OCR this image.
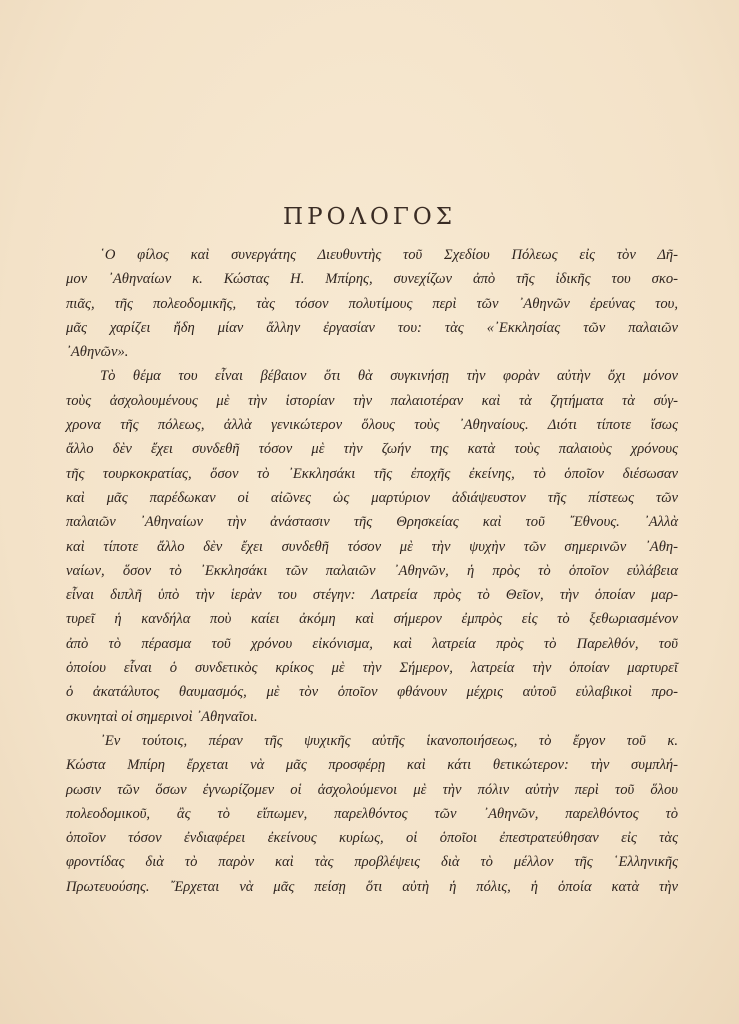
ΠΡΟΛΟΓΟΣ
῾Ο φίλος καὶ συνεργάτης Διευθυντὴς τοῦ Σχεδίου Πόλεως εἰς τὸν Δῆ-
μον ᾿Αθηναίων κ. Κώστας Η. Μπίρης, συνεχίζων ἀπὸ τῆς ἰδικῆς του σκο-
πιᾶς, τῆς πολεοδομικῆς, τὰς τόσον πολυτίμους περὶ τῶν ᾿Αθηνῶν ἐρεύνας του,
μᾶς χαρίζει ἤδη μίαν ἄλλην ἐργασίαν του: τὰς «᾿Εκκλησίας τῶν παλαιῶν
᾿Αθηνῶν».
Τὸ θέμα του εἶναι βέβαιον ὅτι θὰ συγκινήσῃ τὴν φορὰν αὐτὴν ὄχι μόνον
τοὺς ἀσχολουμένους μὲ τὴν ἱστορίαν τὴν παλαιοτέραν καὶ τὰ ζητήματα τὰ σύγ-
χρονα τῆς πόλεως, ἀλλὰ γενικώτερον ὅλους τοὺς ᾿Αθηναίους. Διότι τίποτε ἴσως
ἄλλο δὲν ἔχει συνδεθῆ τόσον μὲ τὴν ζωήν της κατὰ τοὺς παλαιοὺς χρόνους
τῆς τουρκοκρατίας, ὅσον τὸ ᾿Εκκλησάκι τῆς ἐποχῆς ἐκείνης, τὸ ὁποῖον διέσωσαν
καὶ μᾶς παρέδωκαν οἱ αἰῶνες ὡς μαρτύριον ἀδιάψευστον τῆς πίστεως τῶν
παλαιῶν ᾿Αθηναίων τὴν ἀνάστασιν τῆς Θρησκείας καὶ τοῦ ῎Εθνους. ᾿Αλλὰ
καὶ τίποτε ἄλλο δὲν ἔχει συνδεθῆ τόσον μὲ τὴν ψυχὴν τῶν σημερινῶν ᾿Αθη-
ναίων, ὅσον τὸ ᾿Εκκλησάκι τῶν παλαιῶν ᾿Αθηνῶν, ἡ πρὸς τὸ ὁποῖον εὐλάβεια
εἶναι διπλῆ ὑπὸ τὴν ἱερὰν του στέγην: Λατρεία πρὸς τὸ Θεῖον, τὴν ὁποίαν μαρ-
τυρεῖ ἡ κανδήλα ποὺ καίει ἀκόμη καὶ σήμερον ἐμπρὸς εἰς τὸ ξεθωριασμένον
ἀπὸ τὸ πέρασμα τοῦ χρόνου εἰκόνισμα, καὶ λατρεία πρὸς τὸ Παρελθόν, τοῦ
ὁποίου εἶναι ὁ συνδετικὸς κρίκος μὲ τὴν Σήμερον, λατρεία τὴν ὁποίαν μαρτυρεῖ
ὁ ἀκατάλυτος θαυμασμός, μὲ τὸν ὁποῖον φθάνουν μέχρις αὐτοῦ εὐλαβικοὶ προ-
σκυνηταὶ οἱ σημερινοὶ ᾿Αθηναῖοι.
᾿Εν τούτοις, πέραν τῆς ψυχικῆς αὐτῆς ἱκανοποιήσεως, τὸ ἔργον τοῦ κ.
Κώστα Μπίρη ἔρχεται νὰ μᾶς προσφέρῃ καὶ κάτι θετικώτερον: τὴν συμπλή-
ρωσιν τῶν ὅσων ἐγνωρίζομεν οἱ ἀσχολούμενοι μὲ τὴν πόλιν αὐτὴν περὶ τοῦ ὅλου
πολεοδομικοῦ, ἂς τὸ εἴπωμεν, παρελθόντος τῶν ᾿Αθηνῶν, παρελθόντος τὸ
ὁποῖον τόσον ἐνδιαφέρει ἐκείνους κυρίως, οἱ ὁποῖοι ἐπεστρατεύθησαν εἰς τὰς
φροντίδας διὰ τὸ παρὸν καὶ τὰς προβλέψεις διὰ τὸ μέλλον τῆς ῾Ελληνικῆς
Πρωτευούσης. ῎Ερχεται νὰ μᾶς πείσῃ ὅτι αὐτὴ ἡ πόλις, ἡ ὁποία κατὰ τὴν
